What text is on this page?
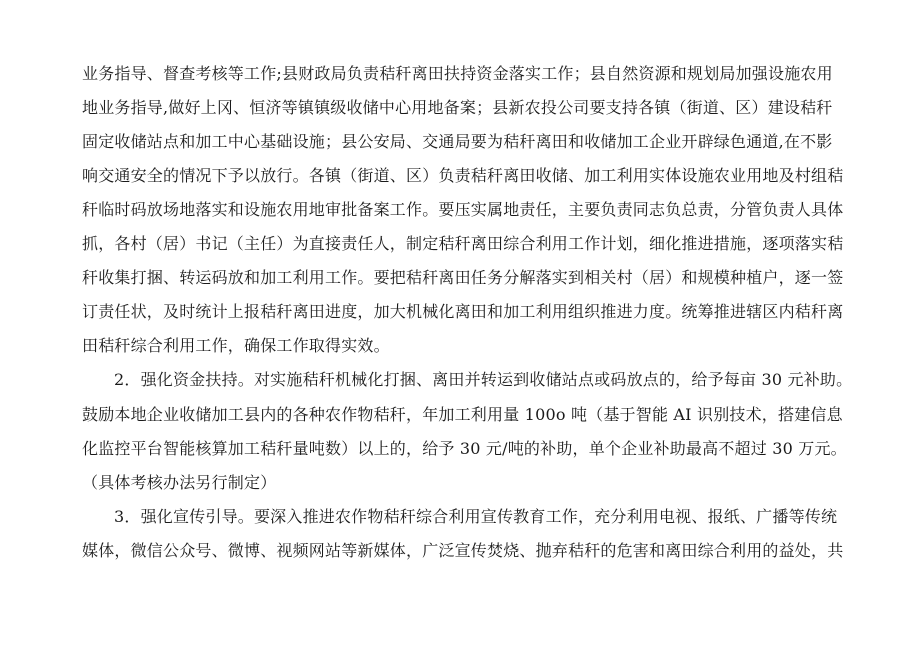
业务指导、督查考核等工作;县财政局负责秸秆离田扶持资金落实工作；县自然资源和规划局加强设施农用
地业务指导,做好上冈、恒济等镇镇级收储中心用地备案；县新农投公司要支持各镇（街道、区）建设秸秆
固定收储站点和加工中心基础设施；县公安局、交通局要为秸秆离田和收储加工企业开辟绿色通道,在不影
响交通安全的情况下予以放行。各镇（街道、区）负责秸秆离田收储、加工利用实体设施农业用地及村组秸
秆临时码放场地落实和设施农用地审批备案工作。要压实属地责任，主要负责同志负总责，分管负责人具体
抓，各村（居）书记（主任）为直接责任人，制定秸秆离田综合利用工作计划，细化推进措施，逐项落实秸
秆收集打捆、转运码放和加工利用工作。要把秸秆离田任务分解落实到相关村（居）和规模种植户，逐一签
订责任状，及时统计上报秸秆离田进度，加大机械化离田和加工利用组织推进力度。统筹推进辖区内秸秆离
田秸秆综合利用工作，确保工作取得实效。
2．强化资金扶持。对实施秸秆机械化打捆、离田并转运到收储站点或码放点的，给予每亩 30 元补助。
鼓励本地企业收储加工县内的各种农作物秸秆，年加工利用量 100o 吨（基于智能 AI 识别技术，搭建信息
化监控平台智能核算加工秸秆量吨数）以上的，给予 30 元/吨的补助，单个企业补助最高不超过 30 万元。
（具体考核办法另行制定）
3．强化宣传引导。要深入推进农作物秸秆综合利用宣传教育工作，充分利用电视、报纸、广播等传统
媒体，微信公众号、微博、视频网站等新媒体，广泛宣传焚烧、抛弃秸秆的危害和离田综合利用的益处，共
